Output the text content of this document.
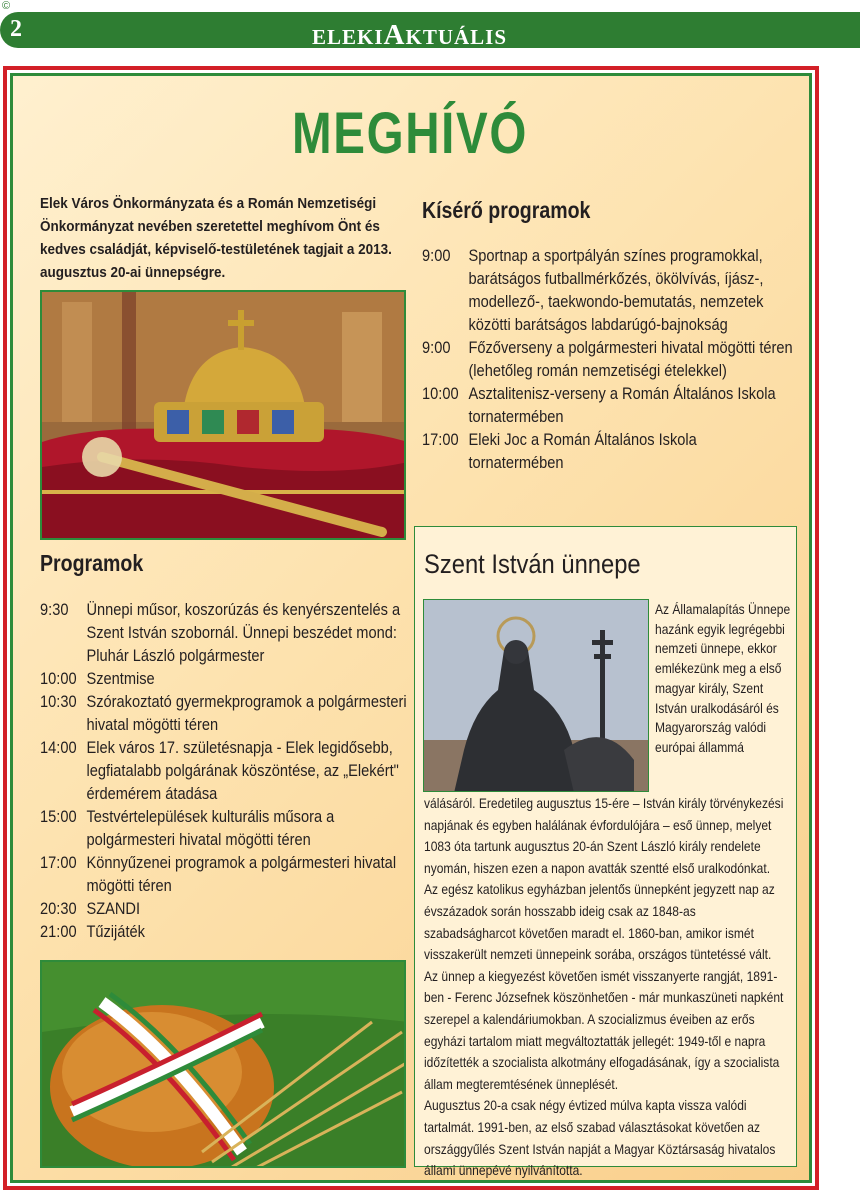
©
2	ELEKIAKTUÁLIS
MEGHÍVÓ
Elek Város Önkormányzata és a Román Nemzetiségi Önkormányzat nevében szeretettel meghívom Önt és kedves családját, képviselő-testületének tagjait a 2013. augusztus 20-ai ünnepségre.
Programok
9:30	Ünnepi műsor, koszorúzás és kenyérszentelés a Szent István szobornál. Ünnepi beszédet mond: Pluhár László polgármester
10:00 Szentmise
10:30 Szórakoztató gyermekprogramok a polgármesteri hivatal mögötti téren
14:00 Elek város 17. születésnapja - Elek legidősebb, legfiatalabb polgárának köszöntése, az „Elekért" érdemérem átadása
15:00 Testvértelepülések kulturális műsora a polgármesteri hivatal mögötti téren
17:00 Könnyűzenei programok a polgármesteri hivatal mögötti téren
20:30 SZANDI
21:00 Tűzijáték
Kísérő programok
9:00	Sportnap a sportpályán színes programokkal, barátságos futballmérkőzés, ökölvívás, íjász-, modellező-, taekwondo-bemutatás, nemzetek közötti barátságos labdarúgó-bajnokság
9:00	Főzőverseny a polgármesteri hivatal mögötti téren (lehetőleg román nemzetiségi ételekkel)
10:00 Asztalitenisz-verseny a Román Általános Iskola tornatermében
17:00 Eleki Joc a Román Általános Iskola tornatermében
Szent István ünnepe
Az Államalapítás Ünnepe hazánk egyik legrégebbi nemzeti ünnepe, ekkor emlékezünk meg a első magyar király, Szent István uralkodásáról és Magyarország valódi európai állammá

válásáról. Eredetileg augusztus 15-ére – István király törvénykezési napjának és egyben halálának évfordulójára – eső ünnep, melyet 1083 óta tartunk augusztus 20-án Szent László király rendelete nyomán, hiszen ezen a napon avatták szentté első uralkodónkat. Az egész katolikus egyházban jelentős ünnepként jegyzett nap az évszázadok során hosszabb ideig csak az 1848-as szabadságharcot követően maradt el. 1860-ban, amikor ismét visszakerült nemzeti ünnepeink sorába, országos tüntetéssé vált. Az ünnep a kiegyezést követően ismét visszanyerte rangját, 1891-ben - Ferenc Józsefnek köszönhetően - már munkaszüneti napként szerepel a kalendáriumokban. A szocializmus éveiben az erős egyházi tartalom miatt megváltoztatták jellegét: 1949-től e napra időzítették a szocialista alkotmány elfogadásának, így a szocialista állam megteremtésének ünneplését.

Augusztus 20-a csak négy évtized múlva kapta vissza valódi tartalmát. 1991-ben, az első szabad választásokat követően az országgyűlés Szent István napját a Magyar Köztársaság hivatalos állami ünnepévé nyilvánította.
